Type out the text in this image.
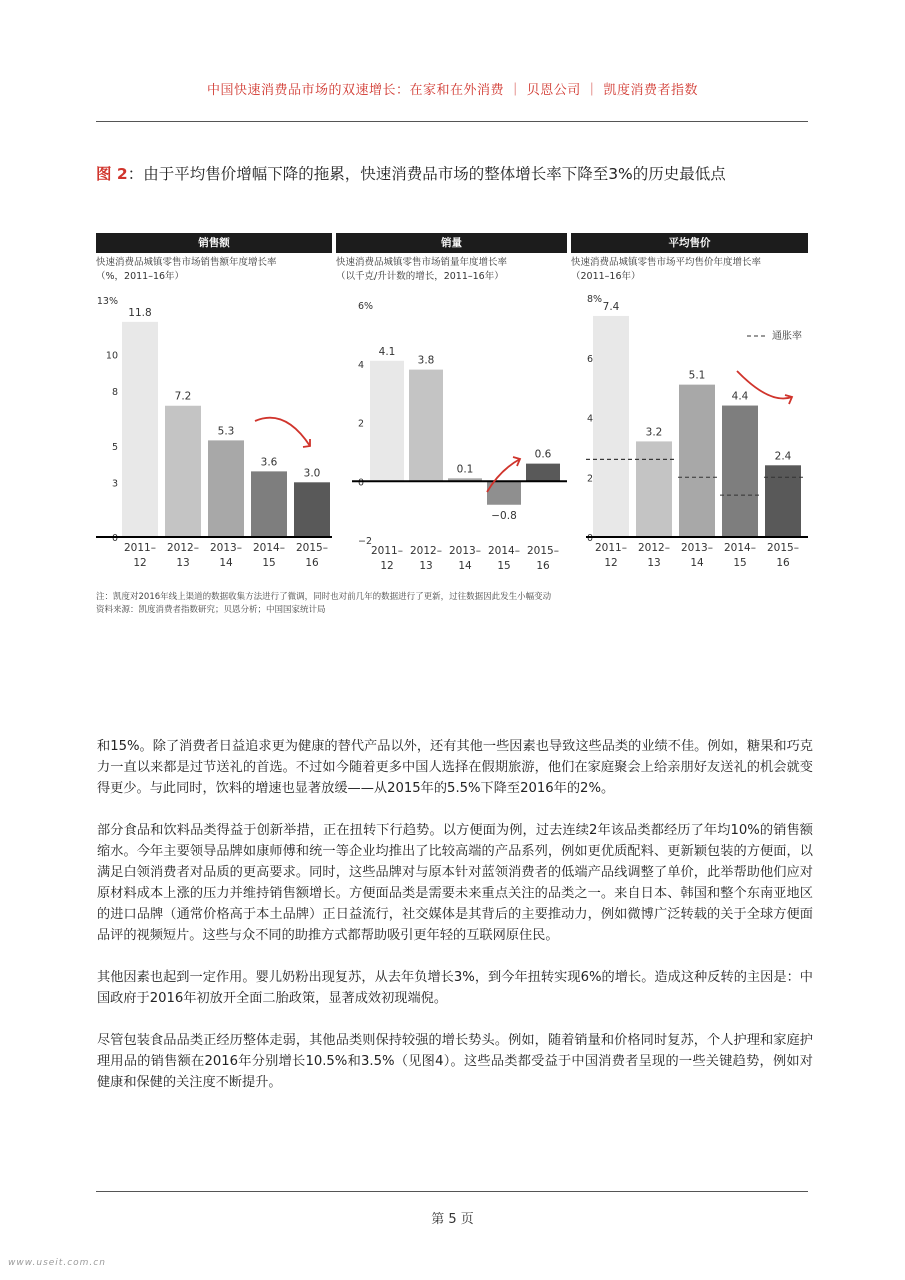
中国快速消费品市场的双速增长：在家和在外消费 ｜ 贝恩公司 ｜ 凯度消费者指数
图 2：由于平均售价增幅下降的拖累，快速消费品市场的整体增长率下降至3%的历史最低点
销售额	销量	平均售价
快速消费品城镇零售市场销售额年度增长率
（%，2011–16年）
快速消费品城镇零售市场销量年度增长率
（以千克/升计数的增长，2011–16年）
快速消费品城镇零售市场平均售价年度增长率
（2011–16年）
13%
10
8
5
3
0
11.8
2011–
12
7.2
2012–
13
5.3
2013–
14
3.6
2014–
15
3.0
2015–
16
6%
4
2
0
−2
4.1
2011–
12
3.8
2012–
13
0.1
2013–
14
−0.8
2014–
15
0.6
2015–
16
8%
6
4
2
0
7.4
2011–
12
3.2
2012–
13
5.1
2013–
14
4.4
2014–
15
2.4
2015–
16
通胀率
注：凯度对2016年线上渠道的数据收集方法进行了微调，同时也对前几年的数据进行了更新，过往数据因此发生小幅变动
资料来源：凯度消费者指数研究；贝恩分析；中国国家统计局

和15%。除了消费者日益追求更为健康的替代产品以外，还有其他一些因素也导致这些品类的业绩不佳。例如，糖果和巧克力一直以来都是过节送礼的首选。不过如今随着更多中国人选择在假期旅游，他们在家庭聚会上给亲朋好友送礼的机会就变得更少。与此同时，饮料的增速也显著放缓——从2015年的5.5%下降至2016年的2%。

部分食品和饮料品类得益于创新举措，正在扭转下行趋势。以方便面为例，过去连续2年该品类都经历了年均10%的销售额缩水。今年主要领导品牌如康师傅和统一等企业均推出了比较高端的产品系列，例如更优质配料、更新颖包装的方便面，以满足白领消费者对品质的更高要求。同时，这些品牌对与原本针对蓝领消费者的低端产品线调整了单价，此举帮助他们应对原材料成本上涨的压力并维持销售额增长。方便面品类是需要未来重点关注的品类之一。来自日本、韩国和整个东南亚地区的进口品牌（通常价格高于本土品牌）正日益流行，社交媒体是其背后的主要推动力，例如微博广泛转载的关于全球方便面品评的视频短片。这些与众不同的助推方式都帮助吸引更年轻的互联网原住民。

其他因素也起到一定作用。婴儿奶粉出现复苏，从去年负增长3%，到今年扭转实现6%的增长。造成这种反转的主因是：中国政府于2016年初放开全面二胎政策，显著成效初现端倪。

尽管包装食品品类正经历整体走弱，其他品类则保持较强的增长势头。例如，随着销量和价格同时复苏，个人护理和家庭护理用品的销售额在2016年分别增长10.5%和3.5%（见图4）。这些品类都受益于中国消费者呈现的一些关键趋势，例如对健康和保健的关注度不断提升。

第 5 页
www.useit.com.cn
